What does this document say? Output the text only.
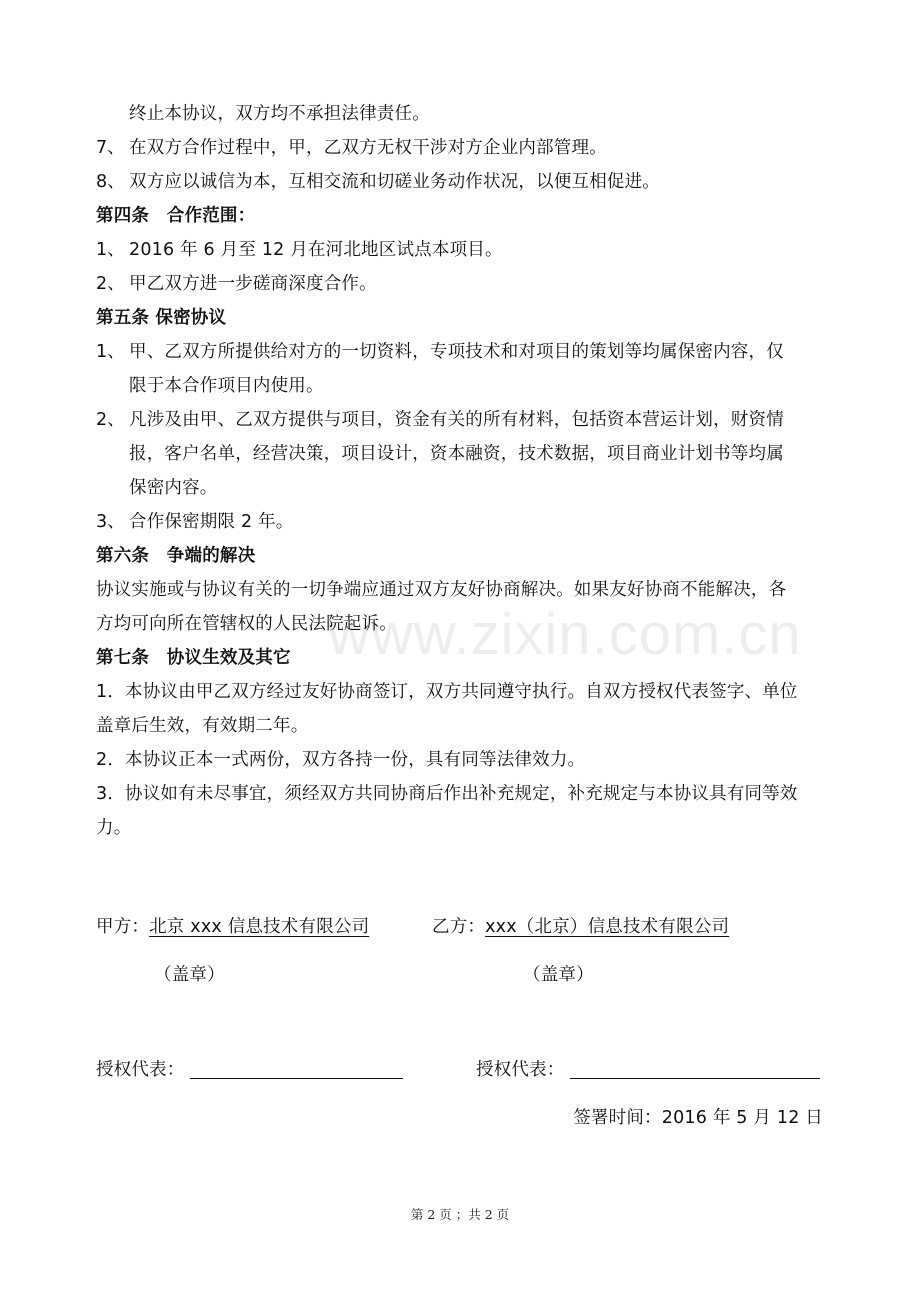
www.zixin.com.cn
终止本协议，双方均不承担法律责任。
7、 在双方合作过程中，甲，乙双方无权干涉对方企业内部管理。
8、 双方应以诚信为本，互相交流和切磋业务动作状况，以便互相促进。
第四条　合作范围：
1、 2016 年 6 月至 12 月在河北地区试点本项目。
2、 甲乙双方进一步磋商深度合作。
第五条 保密协议
1、 甲、乙双方所提供给对方的一切资料，专项技术和对项目的策划等均属保密内容，仅
限于本合作项目内使用。
2、 凡涉及由甲、乙双方提供与项目，资金有关的所有材料，包括资本营运计划，财资情
报，客户名单，经营决策，项目设计，资本融资，技术数据，项目商业计划书等均属
保密内容。
3、 合作保密期限 2 年。
第六条　争端的解决
协议实施或与协议有关的一切争端应通过双方友好协商解决。如果友好协商不能解决，各
方均可向所在管辖权的人民法院起诉。
第七条　协议生效及其它
1．本协议由甲乙双方经过友好协商签订，双方共同遵守执行。自双方授权代表签字、单位
盖章后生效，有效期二年。
2．本协议正本一式两份，双方各持一份，具有同等法律效力。
3．协议如有未尽事宜，须经双方共同协商后作出补充规定，补充规定与本协议具有同等效
力。
甲方：北京 xxx 信息技术有限公司	乙方：xxx（北京）信息技术有限公司
（盖章）	（盖章）
授权代表：	授权代表：
签署时间：2016 年 5 月 12 日
第 2 页 ；共 2 页
